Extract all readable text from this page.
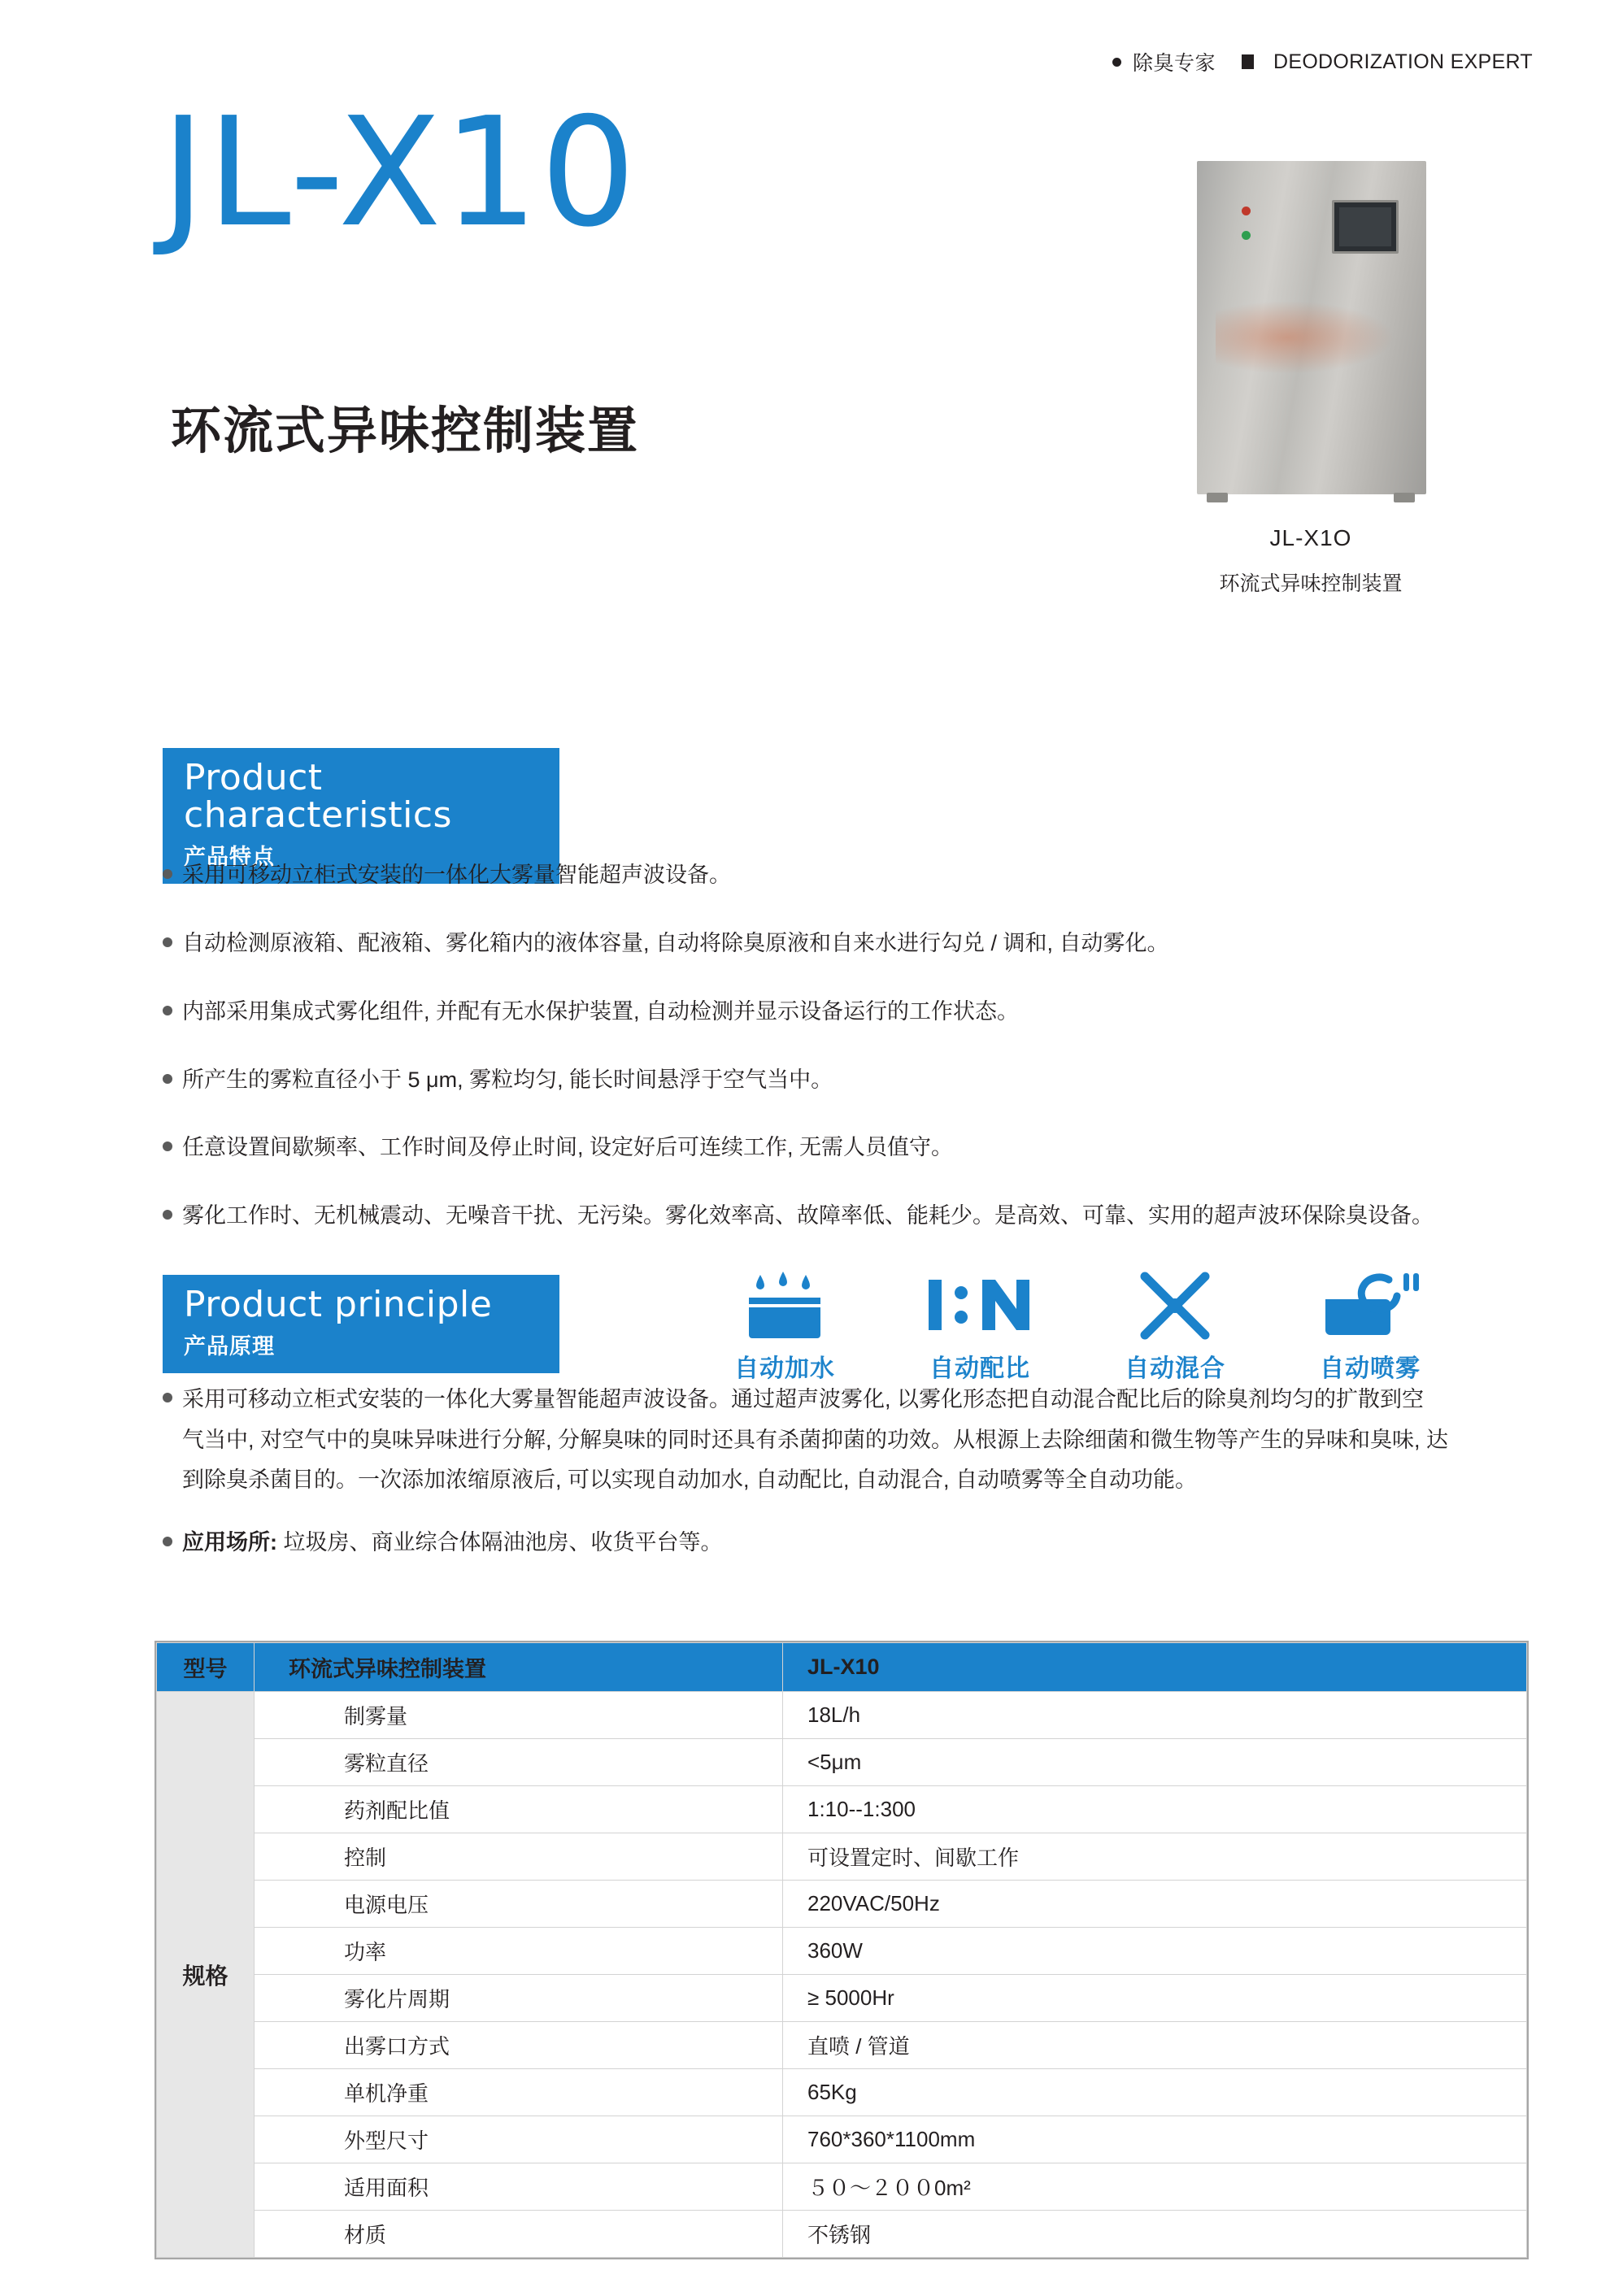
除臭专家	DEODORIZATION EXPERT
JL-X10
环流式异味控制装置
JL-X1O
环流式异味控制装置
Product characteristics
产品特点
采用可移动立柜式安装的一体化大雾量智能超声波设备。
自动检测原液箱、配液箱、雾化箱内的液体容量, 自动将除臭原液和自来水进行勾兑 / 调和, 自动雾化。
内部采用集成式雾化组件, 并配有无水保护装置, 自动检测并显示设备运行的工作状态。
所产生的雾粒直径小于 5 μm, 雾粒均匀, 能长时间悬浮于空气当中。
任意设置间歇频率、工作时间及停止时间, 设定好后可连续工作, 无需人员值守。
雾化工作时、无机械震动、无噪音干扰、无污染。雾化效率高、故障率低、能耗少。是高效、可靠、实用的超声波环保除臭设备。
Product principle
产品原理
自动加水	自动配比	自动混合	自动喷雾

采用可移动立柜式安装的一体化大雾量智能超声波设备。通过超声波雾化, 以雾化形态把自动混合配比后的除臭剂均匀的扩散到空

气当中, 对空气中的臭味异味进行分解, 分解臭味的同时还具有杀菌抑菌的功效。从根源上去除细菌和微生物等产生的异味和臭味, 达

到除臭杀菌目的。一次添加浓缩原液后, 可以实现自动加水, 自动配比, 自动混合, 自动喷雾等全自动功能。

应用场所: 垃圾房、商业综合体隔油池房、收货平台等。
型号	环流式异味控制装置	JL-X10
规格	制雾量	18L/h
	雾粒直径	<5μm
	药剂配比值	1:10--1:300
	控制	可设置定时、间歇工作
	电源电压	220VAC/50Hz
	功率	360W
	雾化片周期	≥ 5000Hr
	出雾口方式	直喷 / 管道
	单机净重	65Kg
	外型尺寸	760*360*1100mm
	适用面积	５０～２００0m²
	材质	不锈钢
